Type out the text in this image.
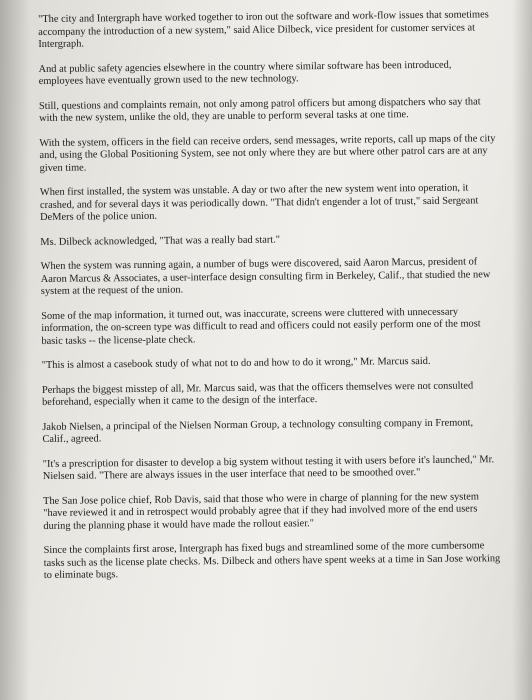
"The city and Intergraph have worked together to iron out the software and work-flow issues that sometimes accompany the introduction of a new system," said Alice Dilbeck, vice president for customer services at Intergraph.

And at public safety agencies elsewhere in the country where similar software has been introduced, employees have eventually grown used to the new technology.

Still, questions and complaints remain, not only among patrol officers but among dispatchers who say that with the new system, unlike the old, they are unable to perform several tasks at one time.

With the system, officers in the field can receive orders, send messages, write reports, call up maps of the city and, using the Global Positioning System, see not only where they are but where other patrol cars are at any given time.

When first installed, the system was unstable. A day or two after the new system went into operation, it crashed, and for several days it was periodically down. "That didn't engender a lot of trust," said Sergeant DeMers of the police union.

Ms. Dilbeck acknowledged, "That was a really bad start."

When the system was running again, a number of bugs were discovered, said Aaron Marcus, president of Aaron Marcus & Associates, a user-interface design consulting firm in Berkeley, Calif., that studied the new system at the request of the union.

Some of the map information, it turned out, was inaccurate, screens were cluttered with unnecessary information, the on-screen type was difficult to read and officers could not easily perform one of the most basic tasks -- the license-plate check.

"This is almost a casebook study of what not to do and how to do it wrong," Mr. Marcus said.

Perhaps the biggest misstep of all, Mr. Marcus said, was that the officers themselves were not consulted beforehand, especially when it came to the design of the interface.

Jakob Nielsen, a principal of the Nielsen Norman Group, a technology consulting company in Fremont, Calif., agreed.

"It's a prescription for disaster to develop a big system without testing it with users before it's launched," Mr. Nielsen said. "There are always issues in the user interface that need to be smoothed over."

The San Jose police chief, Rob Davis, said that those who were in charge of planning for the new system "have reviewed it and in retrospect would probably agree that if they had involved more of the end users during the planning phase it would have made the rollout easier."

Since the complaints first arose, Intergraph has fixed bugs and streamlined some of the more cumbersome tasks such as the license plate checks. Ms. Dilbeck and others have spent weeks at a time in San Jose working to eliminate bugs.
